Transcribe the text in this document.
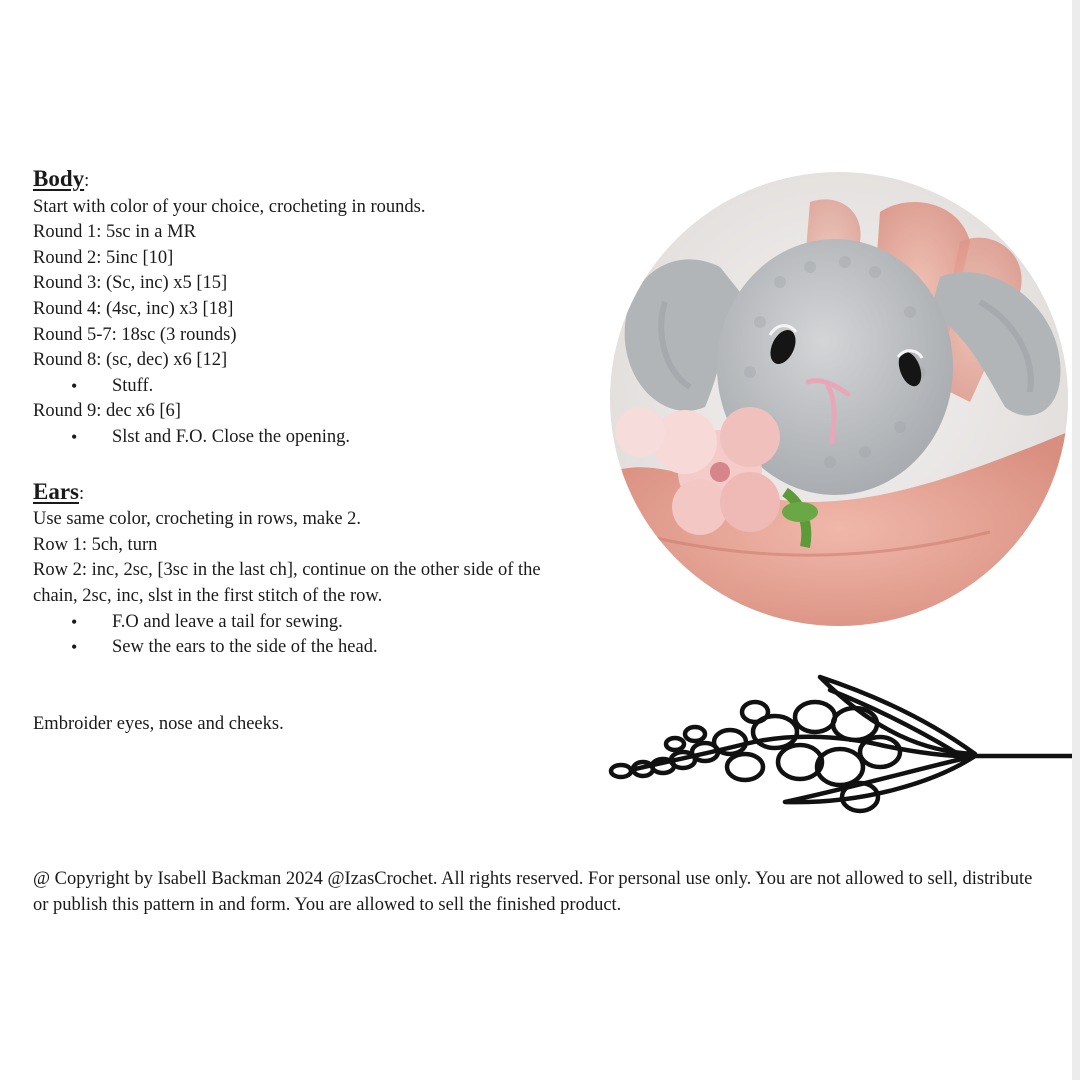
Body:
Start with color of your choice, crocheting in rounds.
Round 1: 5sc in a MR
Round 2: 5inc [10]
Round 3: (Sc, inc) x5 [15]
Round 4: (4sc, inc) x3 [18]
Round 5-7: 18sc (3 rounds)
Round 8: (sc, dec) x6 [12]
• Stuff.
Round 9: dec x6 [6]
• Slst and F.O. Close the opening.
Ears:
Use same color, crocheting in rows, make 2.
Row 1: 5ch, turn
Row 2: inc, 2sc, [3sc in the last ch], continue on the other side of the chain, 2sc, inc, slst in the first stitch of the row.
• F.O and leave a tail for sewing.
• Sew the ears to the side of the head.
Embroider eyes, nose and cheeks.
@ Copyright by Isabell Backman 2024 @IzasCrochet. All rights reserved. For personal use only. You are not allowed to sell, distribute or publish this pattern in and form. You are allowed to sell the finished product.
